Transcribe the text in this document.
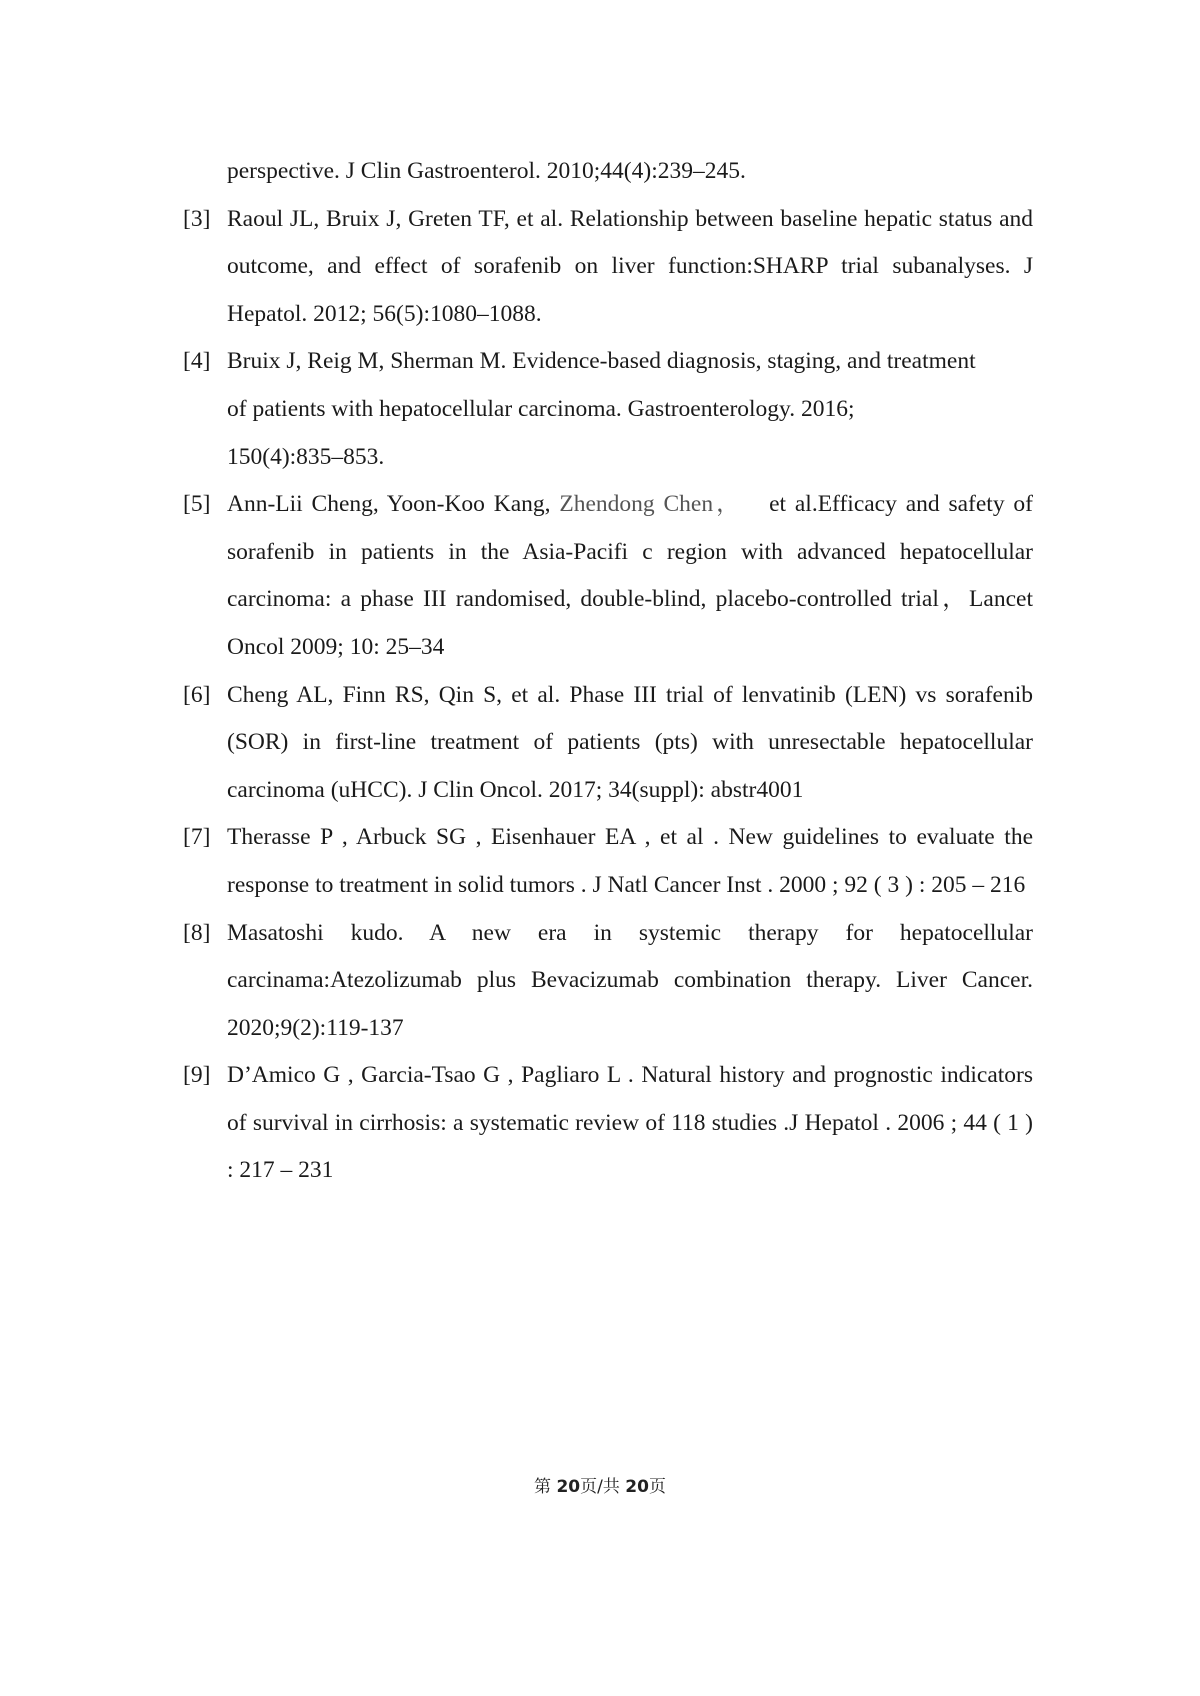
perspective. J Clin Gastroenterol. 2010;44(4):239–245.

[3] Raoul JL, Bruix J, Greten TF, et al. Relationship between baseline hepatic status and outcome, and effect of sorafenib on liver function:SHARP trial subanalyses. J Hepatol. 2012; 56(5):1080–1088.
[4] Bruix J, Reig M, Sherman M. Evidence-based diagnosis, staging, and treatment
of patients with hepatocellular carcinoma. Gastroenterology. 2016;
150(4):835–853.
[5] Ann-Lii Cheng, Yoon-Koo Kang, Zhendong Chen，   et al.Efficacy and safety of sorafenib in patients in the Asia-Pacifi c region with advanced hepatocellular carcinoma: a phase III randomised, double-blind, placebo-controlled trial，Lancet Oncol 2009; 10: 25–34
[6] Cheng AL, Finn RS, Qin S, et al. Phase III trial of lenvatinib (LEN) vs sorafenib (SOR) in first-line treatment of patients (pts) with unresectable hepatocellular carcinoma (uHCC). J Clin Oncol. 2017; 34(suppl): abstr4001
[7] Therasse P , Arbuck SG , Eisenhauer EA , et al . New guidelines to evaluate the response to treatment in solid tumors . J Natl Cancer Inst . 2000 ; 92 ( 3 ) : 205 – 216
[8] Masatoshi kudo. A new era in systemic therapy for hepatocellular carcinama:Atezolizumab plus Bevacizumab combination therapy. Liver Cancer. 2020;9(2):119-137
[9] D’Amico G , Garcia-Tsao G , Pagliaro L . Natural history and prognostic indicators of survival in cirrhosis: a systematic review of 118 studies .J Hepatol . 2006 ; 44 ( 1 ) : 217 – 231
第 20页/共 20页
